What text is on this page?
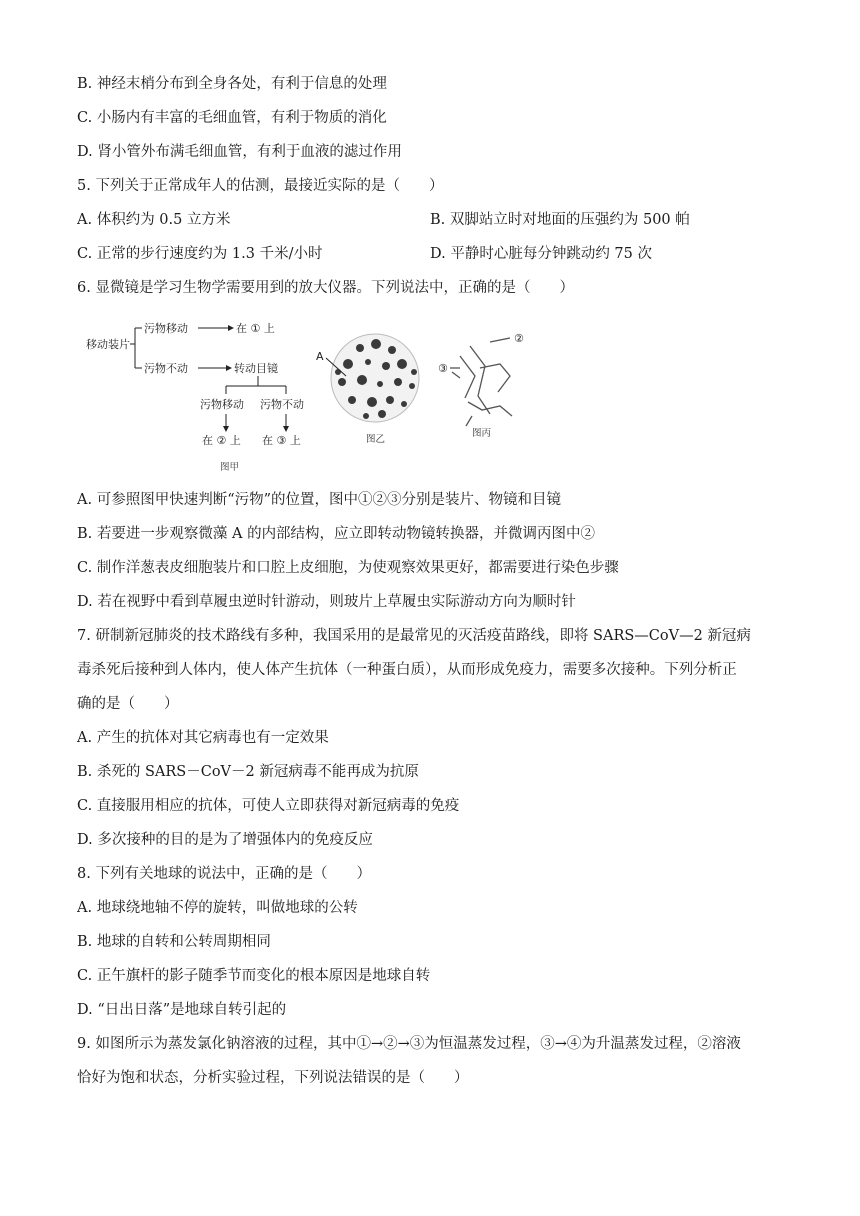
B. 神经末梢分布到全身各处，有利于信息的处理
C. 小肠内有丰富的毛细血管，有利于物质的消化
D. 肾小管外布满毛细血管，有利于血液的滤过作用
5. 下列关于正常成年人的估测，最接近实际的是（　　）
A. 体积约为 0.5 立方米	B. 双脚站立时对地面的压强约为 500 帕
C. 正常的步行速度约为 1.3 千米/小时	D. 平静时心脏每分钟跳动约 75 次
6. 显微镜是学习生物学需要用到的放大仪器。下列说法中，正确的是（　　）
移动装片
污物移动	在 ① 上
污物不动	转动目镜
污物移动 污物不动
在 ② 上 在 ③ 上
图甲
A
图乙
③
②
图丙
A. 可参照图甲快速判断“污物”的位置，图中①②③分别是装片、物镜和目镜
B. 若要进一步观察微藻 A 的内部结构，应立即转动物镜转换器，并微调丙图中②
C. 制作洋葱表皮细胞装片和口腔上皮细胞，为使观察效果更好，都需要进行染色步骤
D. 若在视野中看到草履虫逆时针游动，则玻片上草履虫实际游动方向为顺时针
7. 研制新冠肺炎的技术路线有多种，我国采用的是最常见的灭活疫苗路线，即将 SARS—CoV—2 新冠病
毒杀死后接种到人体内，使人体产生抗体（一种蛋白质），从而形成免疫力，需要多次接种。下列分析正
确的是（　　）
A. 产生的抗体对其它病毒也有一定效果
B. 杀死的 SARS－CoV－2 新冠病毒不能再成为抗原
C. 直接服用相应的抗体，可使人立即获得对新冠病毒的免疫
D. 多次接种的目的是为了增强体内的免疫反应
8. 下列有关地球的说法中，正确的是（　　）
A. 地球绕地轴不停的旋转，叫做地球的公转
B. 地球的自转和公转周期相同
C. 正午旗杆的影子随季节而变化的根本原因是地球自转
D. “日出日落”是地球自转引起的
9. 如图所示为蒸发氯化钠溶液的过程，其中①→②→③为恒温蒸发过程，③→④为升温蒸发过程，②溶液
恰好为饱和状态，分析实验过程，下列说法错误的是（　　）
